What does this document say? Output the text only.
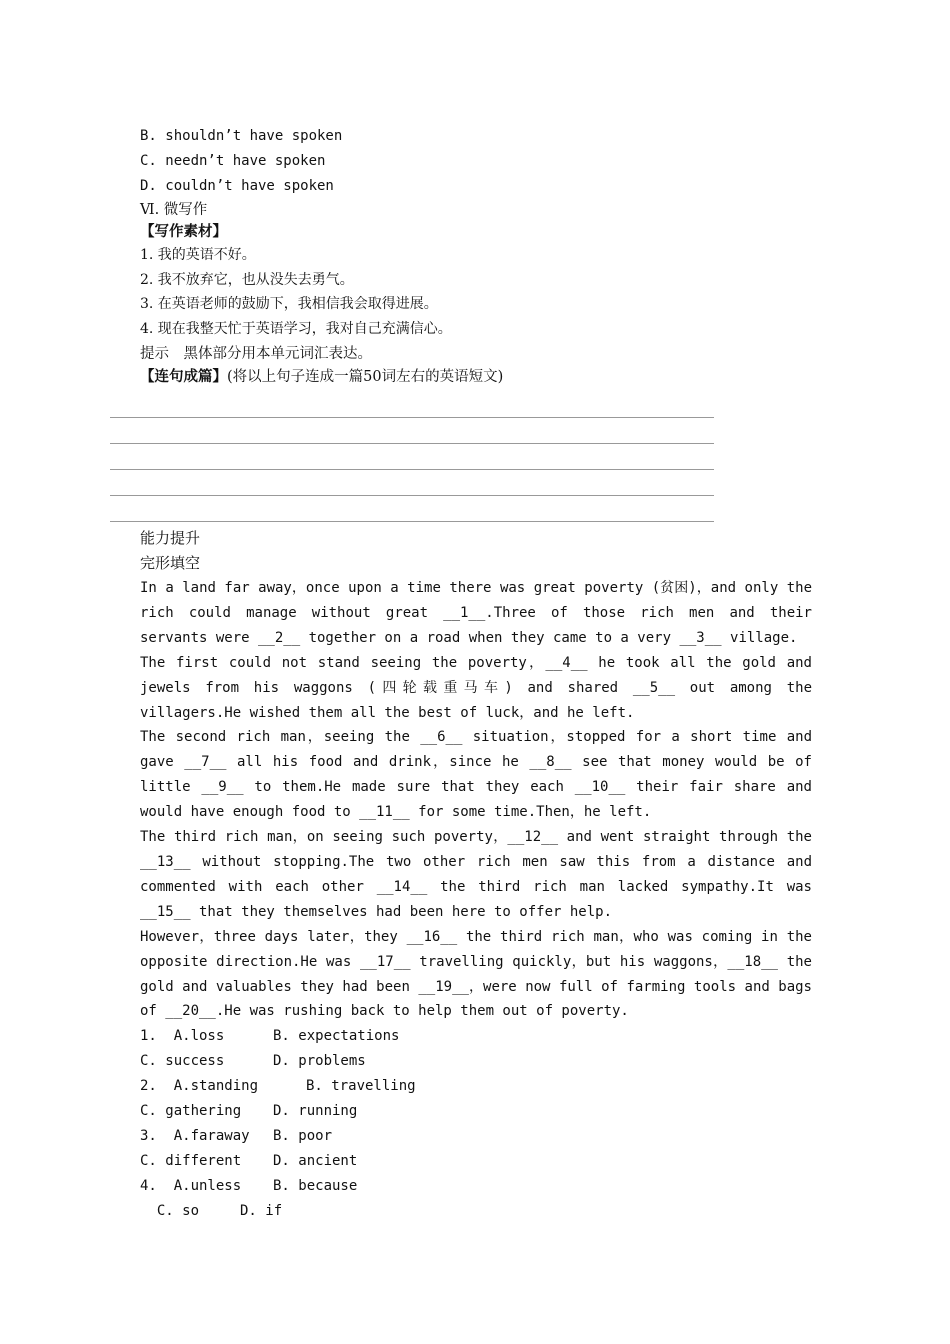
B. shouldn’t have spoken
C. needn’t have spoken
D. couldn’t have spoken
Ⅵ. 微写作
【写作素材】
1. 我的英语不好。
2. 我不放弃它，也从没失去勇气。
3. 在英语老师的鼓励下，我相信我会取得进展。
4. 现在我整天忙于英语学习，我对自己充满信心。
提示　黑体部分用本单元词汇表达。
【连句成篇】(将以上句子连成一篇50词左右的英语短文)
能力提升
完形填空
In a land far away，once upon a time there was great poverty (贫困)，and only the rich could manage without great __1__.Three of those rich men and their servants were __2__ together on a road when they came to a very __3__ village.
The first could not stand seeing the poverty，__4__ he took all the gold and jewels from his waggons (四轮载重马车) and shared __5__ out among the villagers.He wished them all the best of luck，and he left.
The second rich man，seeing the __6__ situation，stopped for a short time and gave __7__ all his food and drink，since he __8__ see that money would be of little __9__ to them.He made sure that they each __10__ their fair share and would have enough food to __11__ for some time.Then，he left.
The third rich man，on seeing such poverty，__12__ and went straight through the __13__ without stopping.The two other rich men saw this from a distance and commented with each other __14__ the third rich man lacked sympathy.It was __15__ that they themselves had been here to offer help.
However，three days later，they __16__ the third rich man，who was coming in the opposite direction.He was __17__ travelling quickly，but his waggons，__18__ the gold and valuables they had been __19__，were now full of farming tools and bags of __20__.He was rushing back to help them out of poverty.
1.  A.loss	B. expectations
C. success	D. problems
2.  A.standing	B. travelling
C. gathering D. running
3.  A.faraway B. poor
C. different D. ancient
4.  A.unless B. because
C. so	D. if
